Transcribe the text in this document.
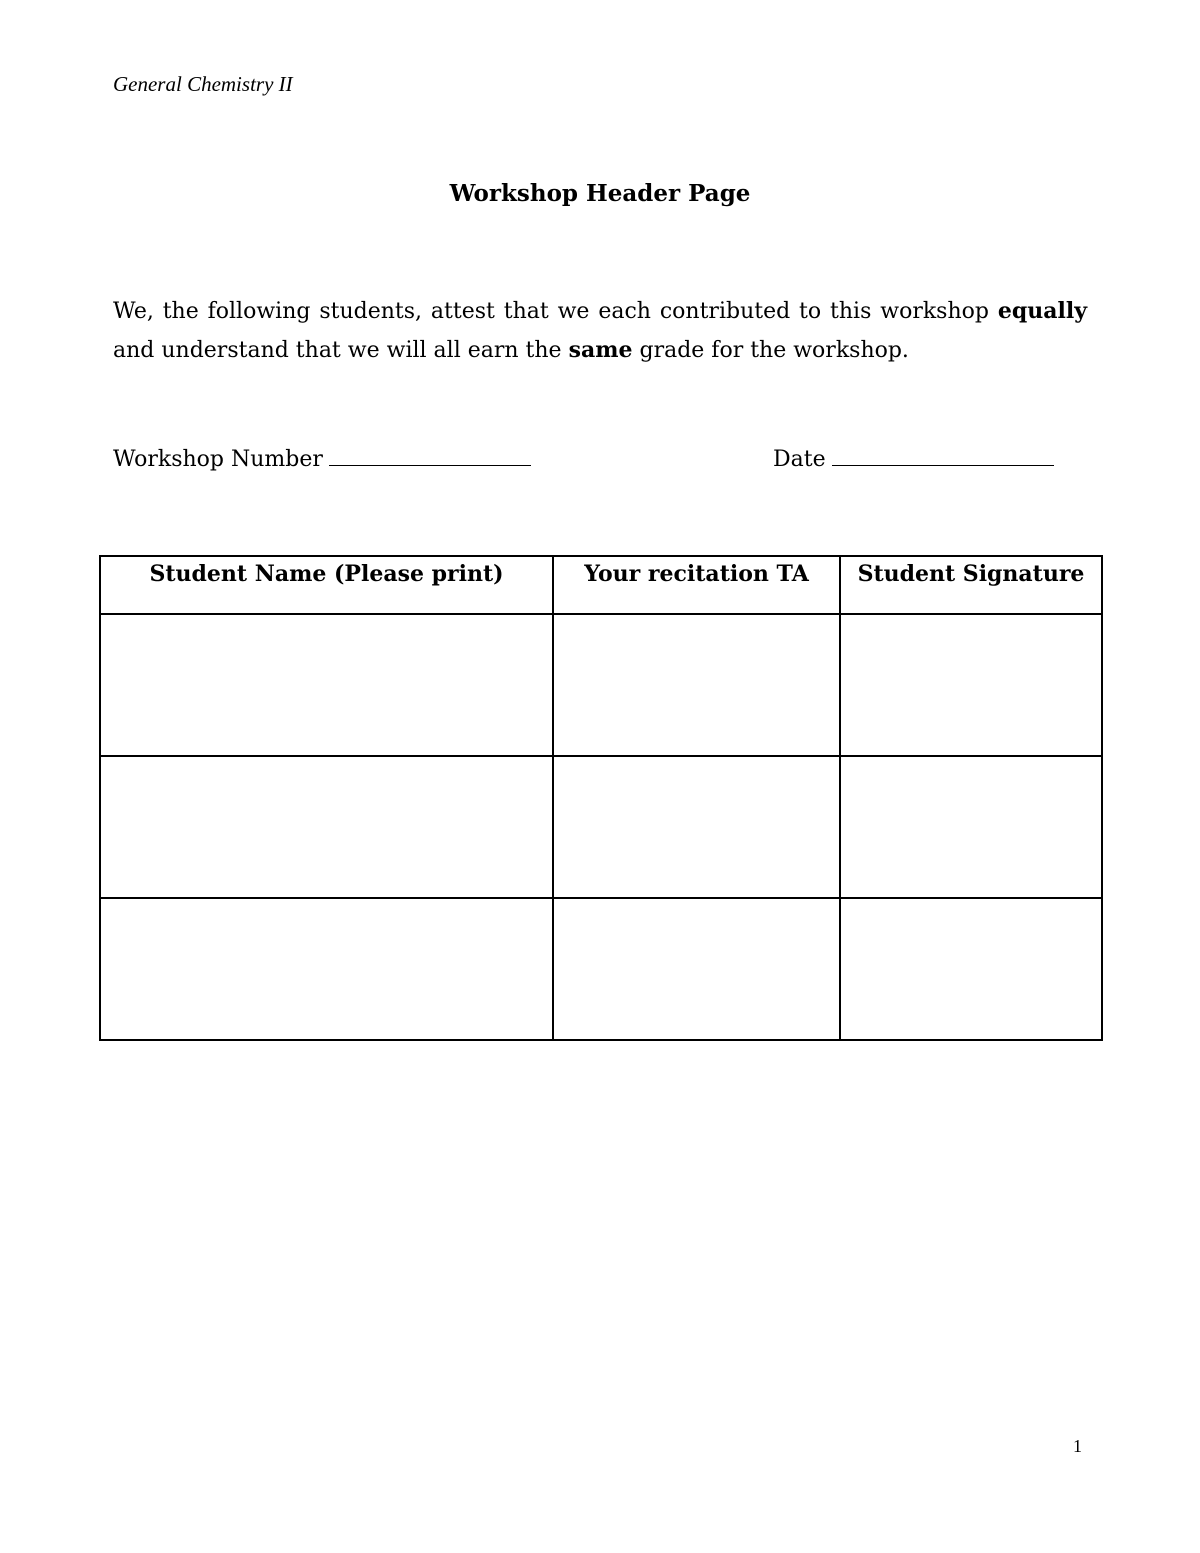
General Chemistry II
Workshop Header Page

We, the following students, attest that we each contributed to this workshop equally and understand that we will all earn the same grade for the workshop.

Workshop Number	Date
Student Name (Please print)	Your recitation TA	Student Signature

1
